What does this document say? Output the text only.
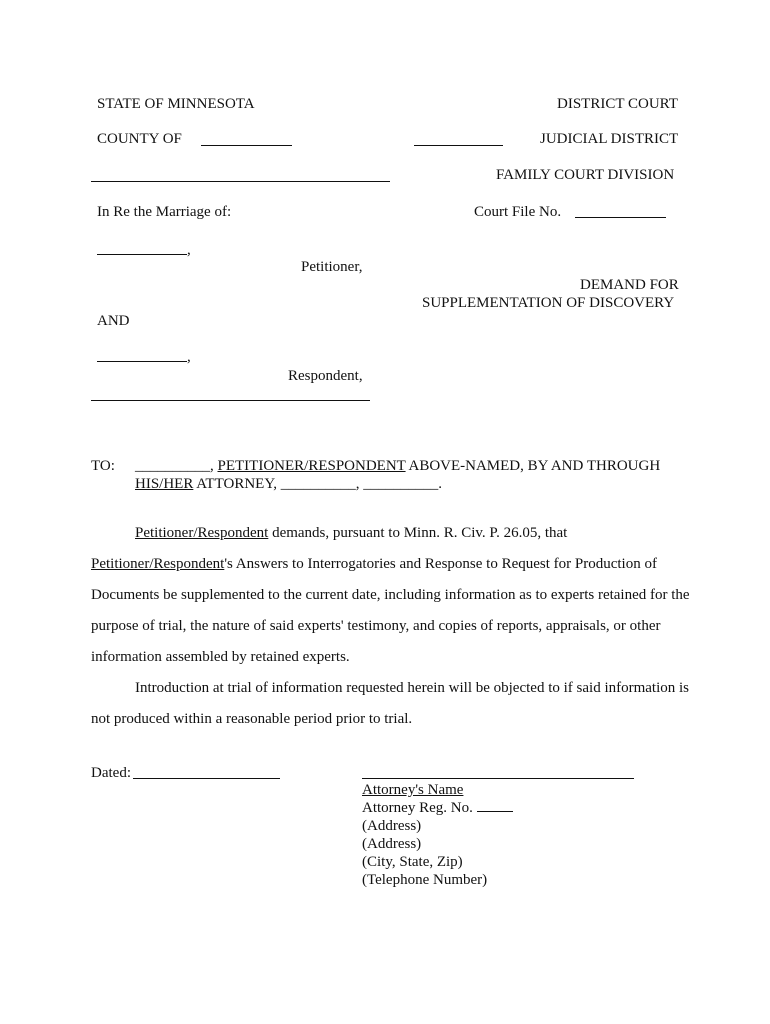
STATE OF MINNESOTA	DISTRICT COURT
COUNTY OF	JUDICIAL DISTRICT
FAMILY COURT DIVISION
In Re the Marriage of:	Court File No.
,
Petitioner,
DEMAND FOR
SUPPLEMENTATION OF DISCOVERY
AND
,
Respondent,
TO: __________, PETITIONER/RESPONDENT ABOVE-NAMED, BY AND THROUGH
HIS/HER ATTORNEY, __________, __________.
Petitioner/Respondent demands, pursuant to Minn. R. Civ. P. 26.05, that
Petitioner/Respondent's Answers to Interrogatories and Response to Request for Production of
Documents be supplemented to the current date, including information as to experts retained for the
purpose of trial, the nature of said experts' testimony, and copies of reports, appraisals, or other
information assembled by retained experts.
Introduction at trial of information requested herein will be objected to if said information is
not produced within a reasonable period prior to trial.
Dated:
Attorney's Name
Attorney Reg. No.
(Address)
(Address)
(City, State, Zip)
(Telephone Number)
